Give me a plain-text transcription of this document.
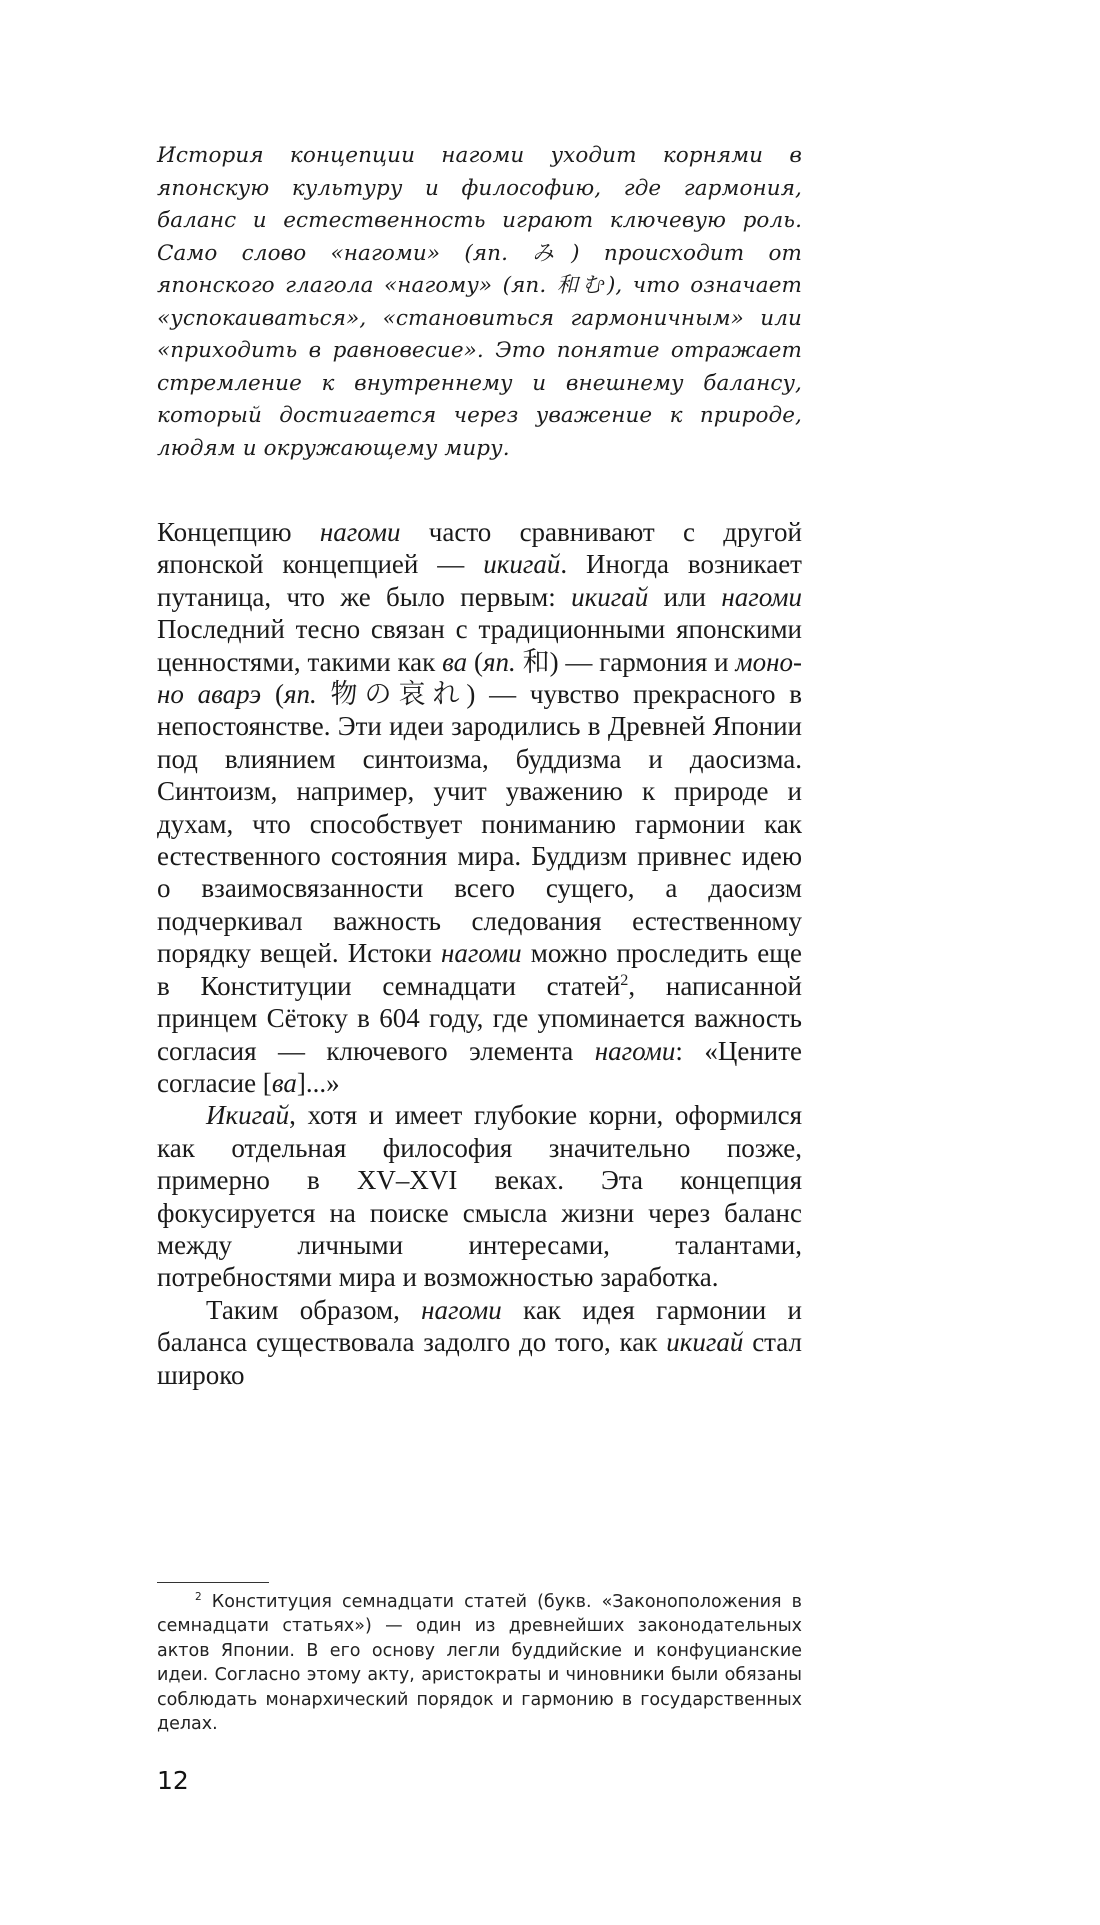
История концепции нагоми уходит корнями в японскую культуру и философию, где гармония, баланс и естественность играют ключевую роль. Само слово «нагоми» (яп. み) происходит от японского глагола «нагому» (яп. 和む), что означает «успокаиваться», «становиться гармоничным» или «приходить в равновесие». Это понятие отражает стремление к внутреннему и внешнему балансу, который достигается через уважение к природе, людям и окружающему миру.

Концепцию нагоми часто сравнивают с другой японской концепцией — икигай. Иногда возникает путаница, что же было первым: икигай или нагоми Последний тесно связан с традиционными японскими ценностями, такими как ва (яп. 和) — гармония и моно-но аварэ (яп. 物の哀れ) — чувство прекрасного в непостоянстве. Эти идеи зародились в Древней Японии под влиянием синтоизма, буддизма и даосизма. Синтоизм, например, учит уважению к природе и духам, что способствует пониманию гармонии как естественного состояния мира. Буддизм привнес идею о взаимосвязанности всего сущего, а даосизм подчеркивал важность следования естественному порядку вещей. Истоки нагоми можно проследить еще в Конституции семнадцати статей$^2$, написанной принцем Сётоку в 604 году, где упоминается важность согласия — ключевого элемента нагоми: «Цените согласие [ва]...»

Икигай, хотя и имеет глубокие корни, оформился как отдельная философия значительно позже, примерно в XV–XVI веках. Эта концепция фокусируется на поиске смысла жизни через баланс между личными интересами, талантами, потребностями мира и возможностью заработка.

Таким образом, нагоми как идея гармонии и баланса существовала задолго до того, как икигай стал широко

$^2$ Конституция семнадцати статей (букв. «Законоположения в семнадцати статьях») — один из древнейших законодательных актов Японии. В его основу легли буддийские и конфуцианские идеи. Согласно этому акту, аристократы и чиновники были обязаны соблюдать монархический порядок и гармонию в государственных делах.

12
